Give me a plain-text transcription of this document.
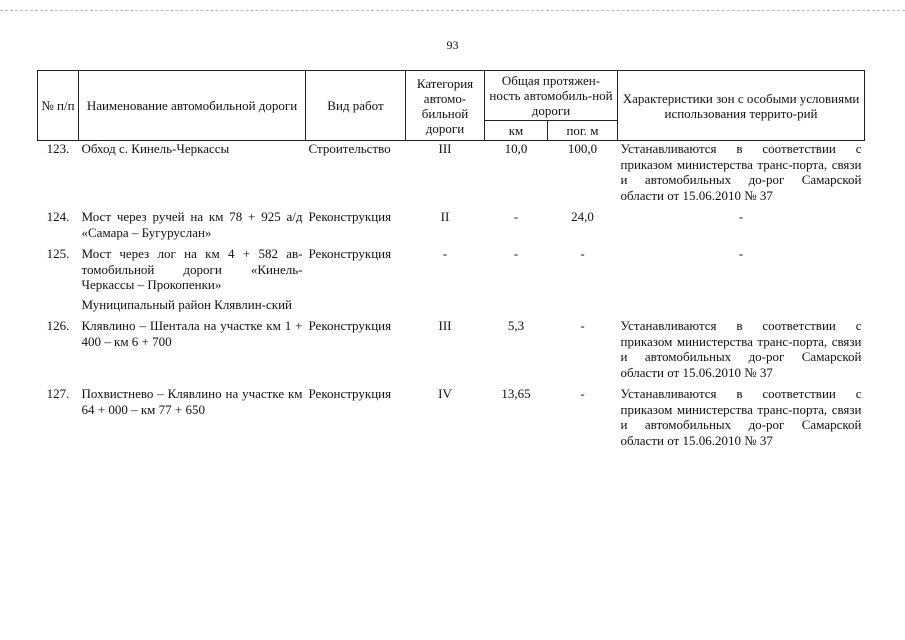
93
№ п/п	Наименование автомобильной дороги	Вид работ	Категория автомо-бильной дороги	Общая протяжен-ность автомобиль-ной дороги		Характеристики зон с особыми условиями использования террито-рий
				км	пог. м	
123.	Обход с. Кинель-Черкассы	Строительство	III	10,0	100,0	Устанавливаются в соответствии с приказом министерства транс-порта, связи и автомобильных до-рог Самарской области от 15.06.2010 № 37

124.	Мост через ручей на км 78 + 925 а/д «Самара – Бугуруслан»	Реконструкция	II	-	24,0	-

125.	Мост через лог на км 4 + 582 ав-томобильной дороги «Кинель-Черкассы – Прокопенки»	Реконструкция	-	-	-	-
	Муниципальный район Клявлин-ский					

126.	Клявлино – Шентала на участке км 1 + 400 – км 6 + 700	Реконструкция	III	5,3	-	Устанавливаются в соответствии с приказом министерства транс-порта, связи и автомобильных до-рог Самарской области от 15.06.2010 № 37

127.	Похвистнево – Клявлино на участке км 64 + 000 – км 77 + 650	Реконструкция	IV	13,65	-	Устанавливаются в соответствии с приказом министерства транс-порта, связи и автомобильных до-рог Самарской области от 15.06.2010 № 37
